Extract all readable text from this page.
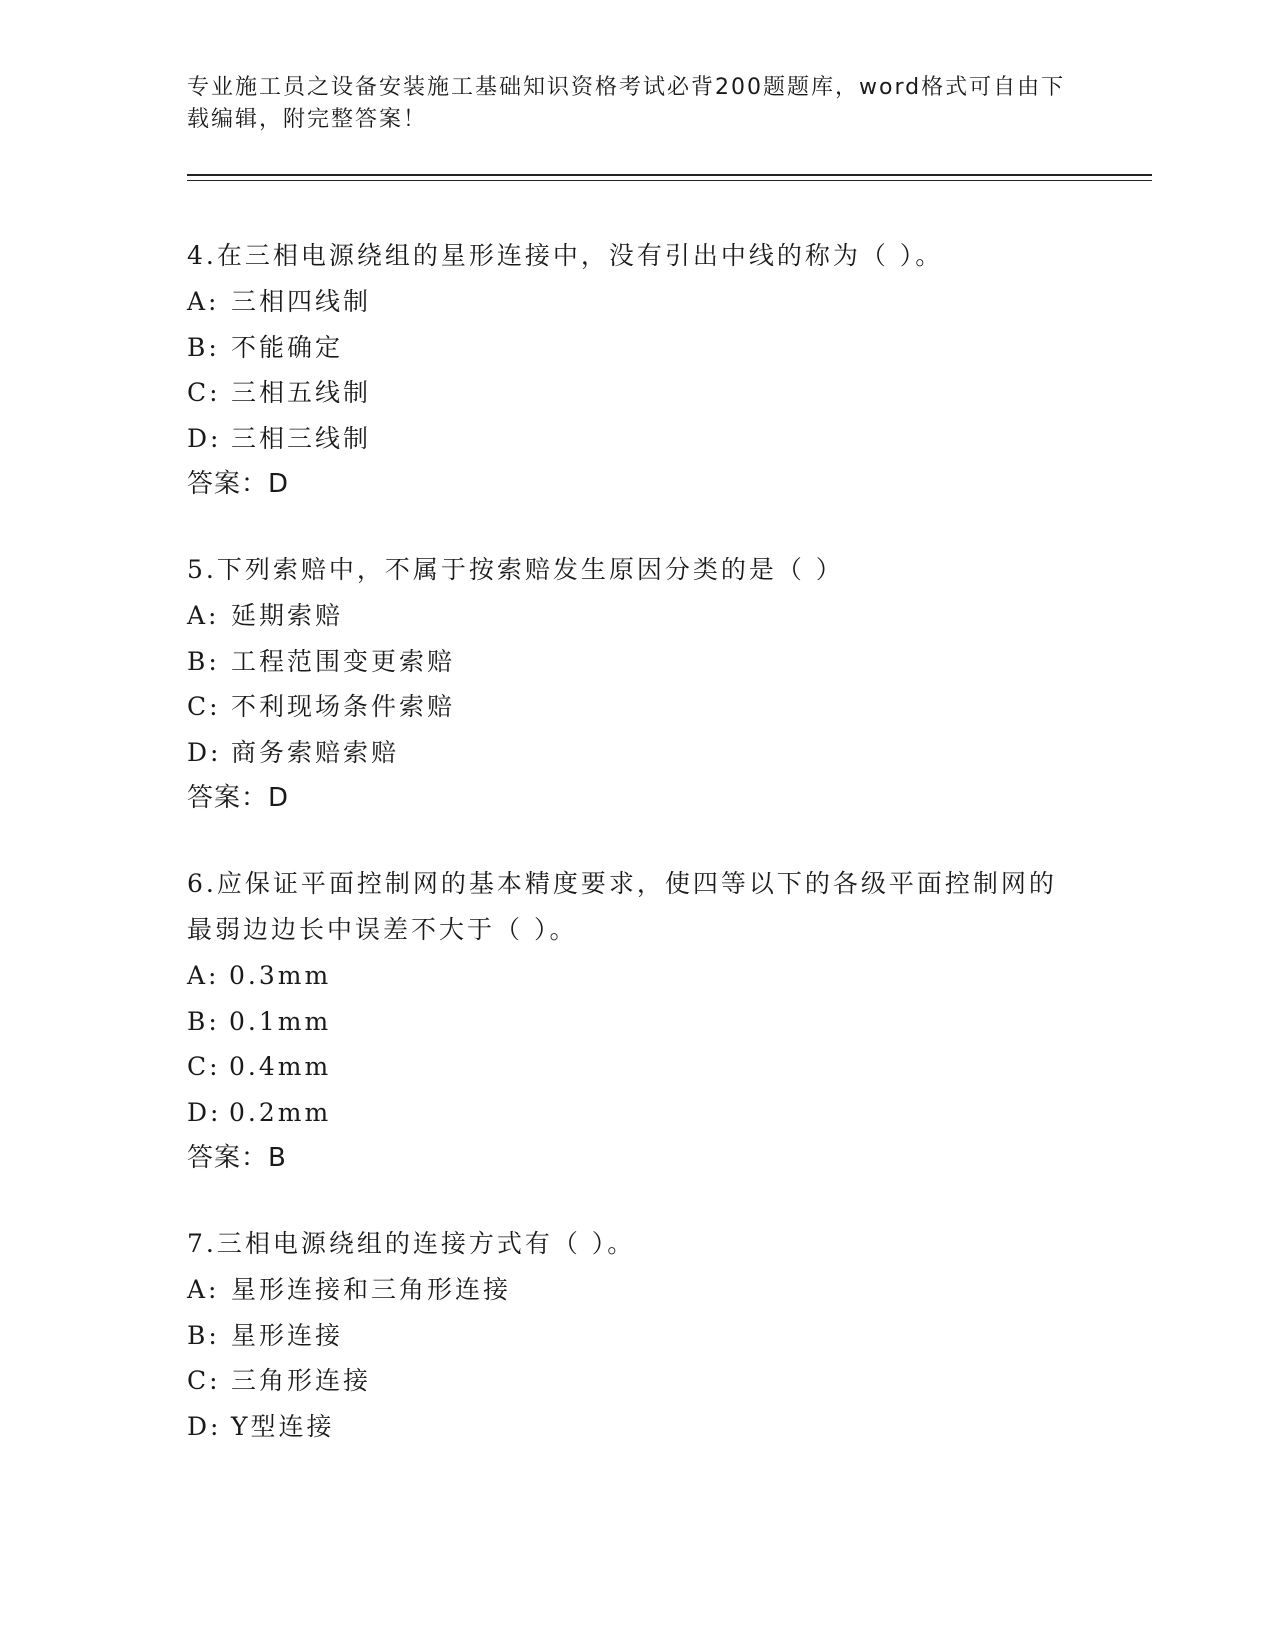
专业施工员之设备安装施工基础知识资格考试必背200题题库，word格式可自由下载编辑，附完整答案！

4.在三相电源绕组的星形连接中，没有引出中线的称为（ ）。

A: 三相四线制

B: 不能确定

C: 三相五线制

D: 三相三线制

答案：D

5.下列索赔中，不属于按索赔发生原因分类的是（ ）

A: 延期索赔

B: 工程范围变更索赔

C: 不利现场条件索赔

D: 商务索赔索赔

答案：D

6.应保证平面控制网的基本精度要求，使四等以下的各级平面控制网的最弱边边长中误差不大于（ ）。

A: 0.3mm

B: 0.1mm

C: 0.4mm

D: 0.2mm

答案：B

7.三相电源绕组的连接方式有（ ）。

A: 星形连接和三角形连接

B: 星形连接

C: 三角形连接

D: Y型连接
